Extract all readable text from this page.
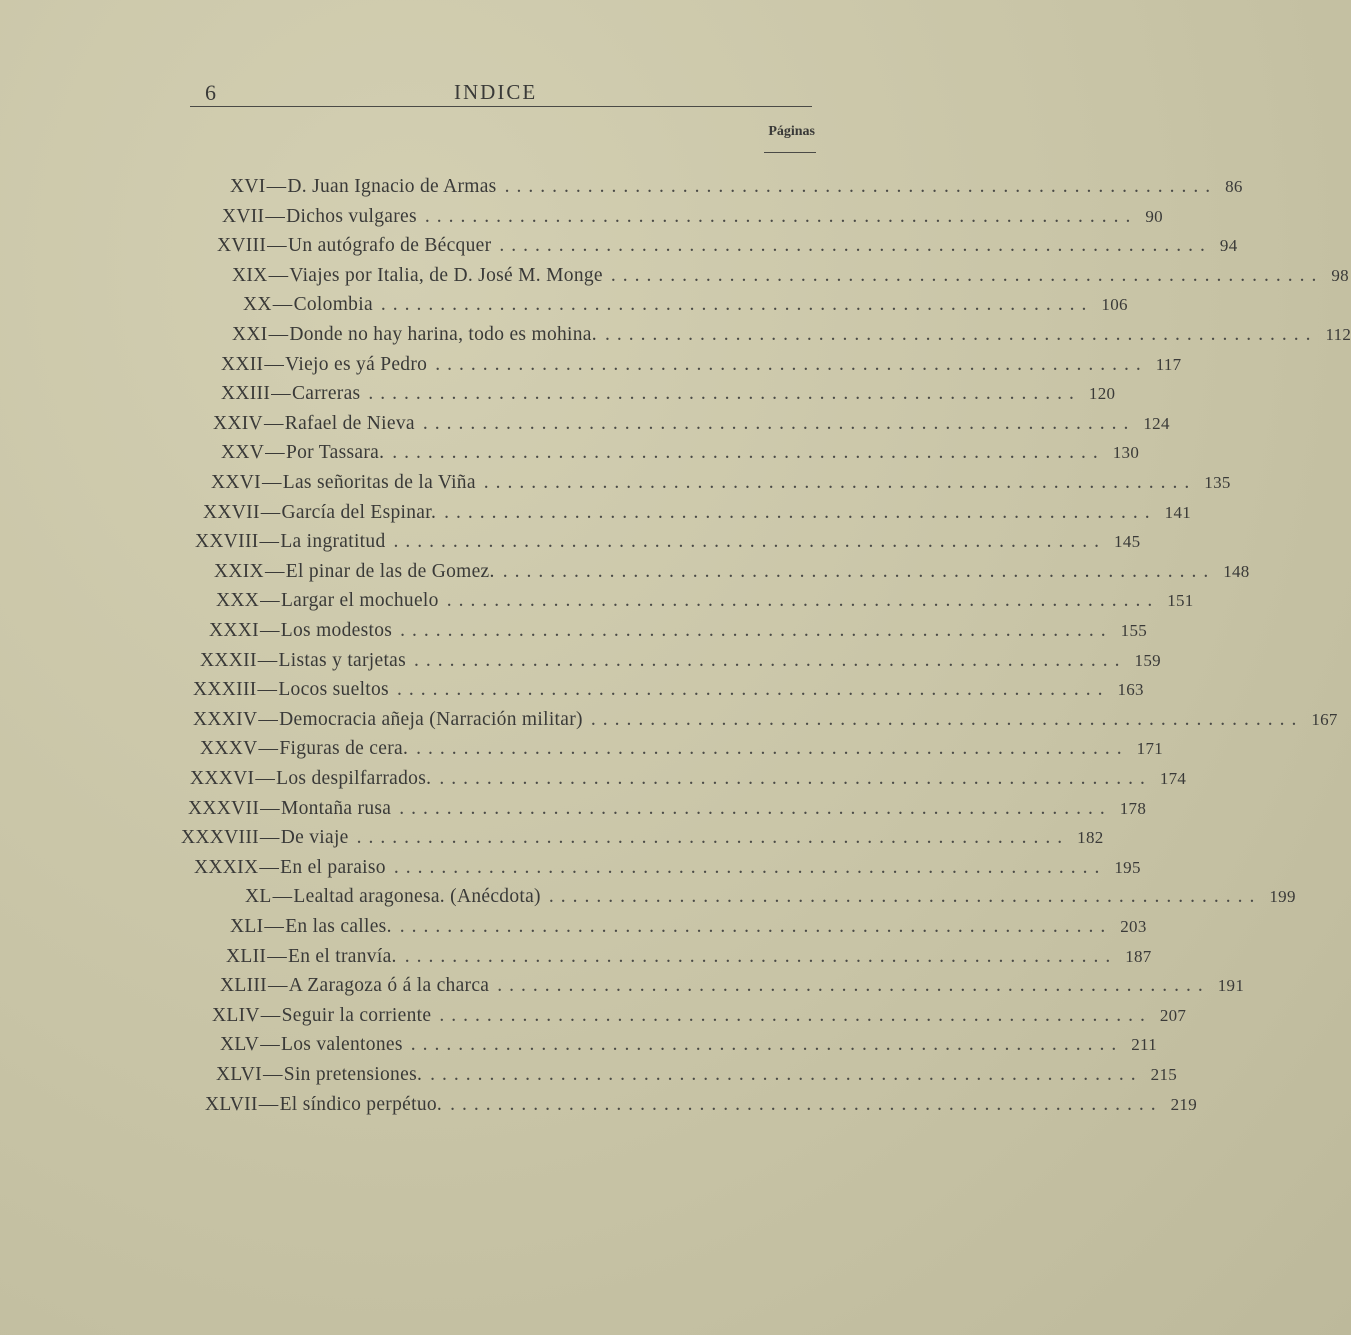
6	INDICE
Páginas
XVI — D. Juan Ignacio de Armas ............................................................ 86
XVII — Dichos vulgares ............................................................ 90
XVIII — Un autógrafo de Bécquer ............................................................ 94
XIX — Viajes por Italia, de D. José M. Monge ............................................................ 98
XX — Colombia ............................................................ 106
XXI — Donde no hay harina, todo es mohina. ............................................................ 112
XXII — Viejo es yá Pedro ............................................................ 117
XXIII — Carreras ............................................................ 120
XXIV — Rafael de Nieva ............................................................ 124
XXV — Por Tassara. ............................................................ 130
XXVI — Las señoritas de la Viña ............................................................ 135
XXVII — García del Espinar. ............................................................ 141
XXVIII — La ingratitud ............................................................ 145
XXIX — El pinar de las de Gomez. ............................................................ 148
XXX — Largar el mochuelo ............................................................ 151
XXXI — Los modestos ............................................................ 155
XXXII — Listas y tarjetas ............................................................ 159
XXXIII — Locos sueltos ............................................................ 163
XXXIV — Democracia añeja (Narración militar) ............................................................ 167
XXXV — Figuras de cera. ............................................................ 171
XXXVI — Los despilfarrados. ............................................................ 174
XXXVII — Montaña rusa ............................................................ 178
XXXVIII — De viaje ............................................................ 182
XXXIX — En el paraiso ............................................................ 195
XL — Lealtad aragonesa. (Anécdota) ............................................................ 199
XLI — En las calles. ............................................................ 203
XLII — En el tranvía. ............................................................ 187
XLIII — A Zaragoza ó á la charca ............................................................ 191
XLIV — Seguir la corriente ............................................................ 207
XLV — Los valentones ............................................................ 211
XLVI — Sin pretensiones. ............................................................ 215
XLVII — El síndico perpétuo. ............................................................ 219
